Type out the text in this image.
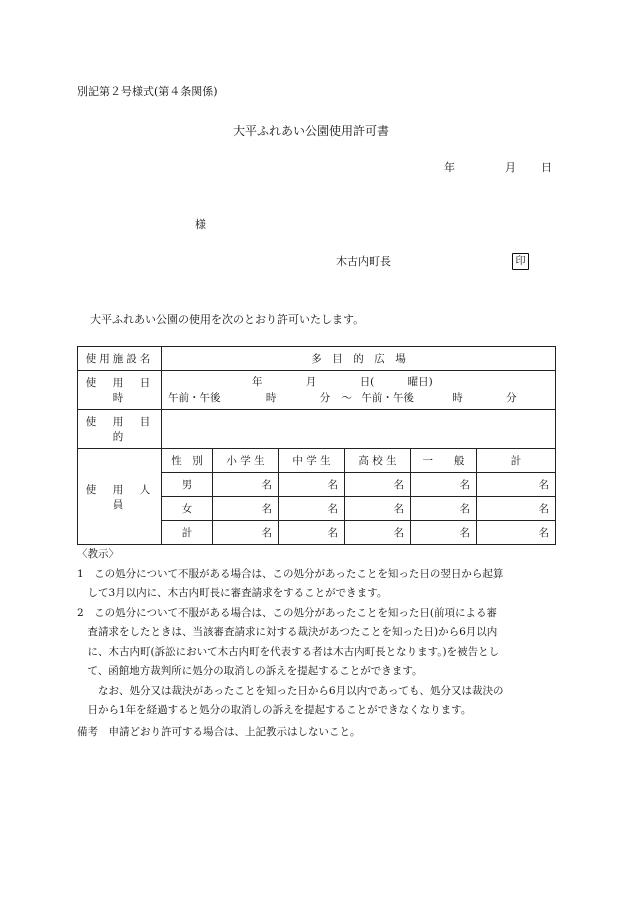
別記第２号様式(第４条関係)
大平ふれあい公園使用許可書
年	月 日
様
木古内町長	印
大平ふれあい公園の使用を次のとおり許可いたします。
使用施設名	多　目　的　広　場					
使　用　日　時	年 月 日( 曜日)
午前・午後 時 分 ～ 午前・午後 時 分					

使　用　目　的						
使　用　人　員	性　別	小 学 生	中 学 生	高 校 生	一　　般	計
	男	名	名	名	名	名
	女	名	名	名	名	名
	計	名	名	名	名	名
〈教示〉
1　この処分について不服がある場合は、この処分があったことを知った日の翌日から起算
　して3月以内に、木古内町長に審査請求をすることができます。
2　この処分について不服がある場合は、この処分があったことを知った日(前項による審
　査請求をしたときは、当該審査請求に対する裁決があつたことを知った日)から6月以内
　に、木古内町(訴訟において木古内町を代表する者は木古内町長となります。)を被告とし
　て、函館地方裁判所に処分の取消しの訴えを提起することができます。
　　なお、処分又は裁決があったことを知った日から6月以内であっても、処分又は裁決の
　日から1年を経過すると処分の取消しの訴えを提起することができなくなります。
備考　申請どおり許可する場合は、上記教示はしないこと。
